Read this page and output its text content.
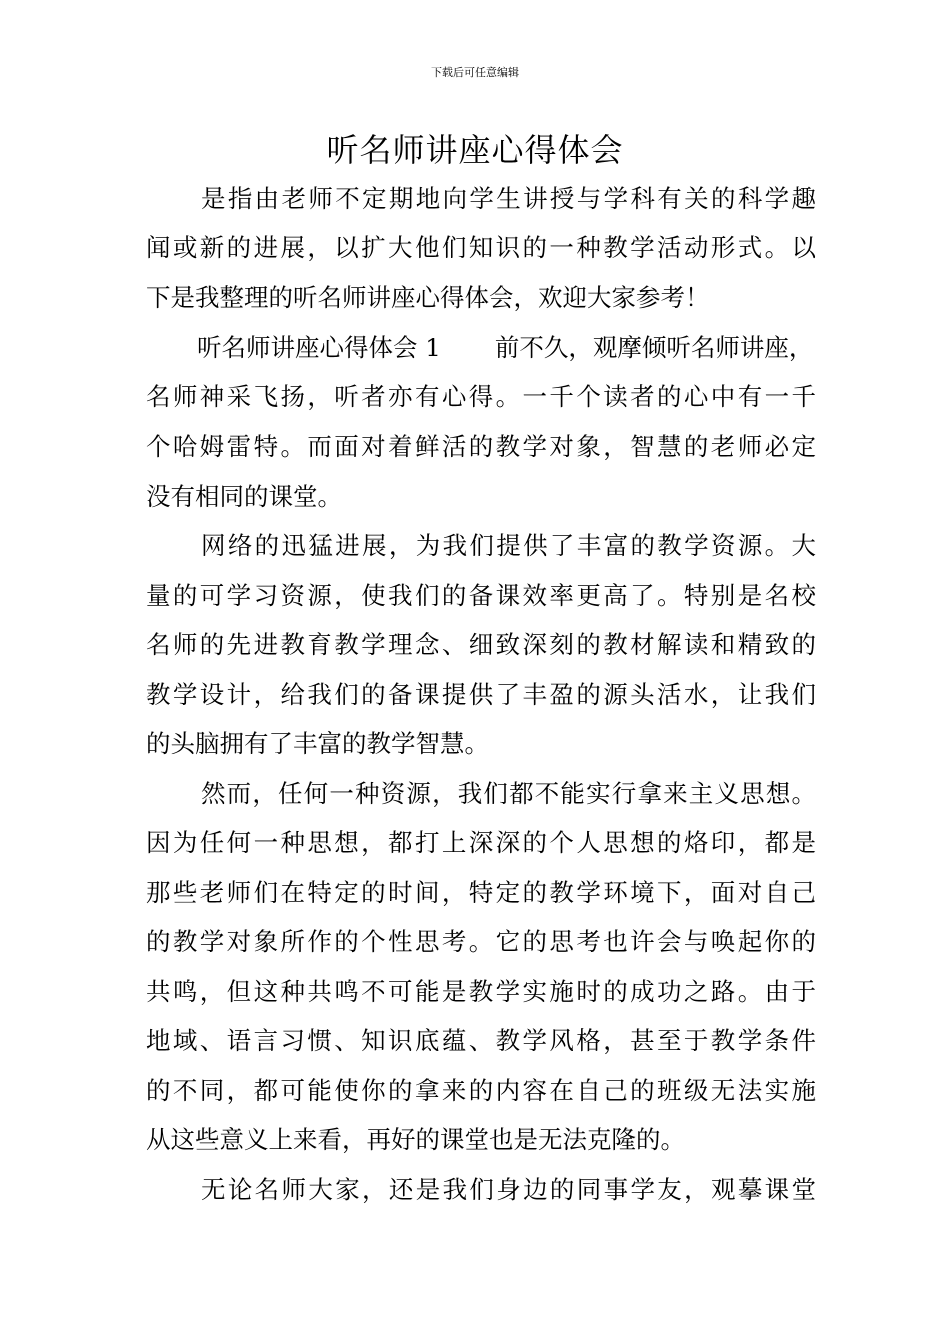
下载后可任意编辑
听名师讲座心得体会
是指由老师不定期地向学生讲授与学科有关的科学趣
闻或新的进展，以扩大他们知识的一种教学活动形式。以
下是我整理的听名师讲座心得体会，欢迎大家参考！
听名师讲座心得体会 1 前不久，观摩倾听名师讲座，
名师神采飞扬，听者亦有心得。一千个读者的心中有一千
个哈姆雷特。而面对着鲜活的教学对象，智慧的老师必定
没有相同的课堂。
网络的迅猛进展，为我们提供了丰富的教学资源。大
量的可学习资源，使我们的备课效率更高了。特别是名校
名师的先进教育教学理念、细致深刻的教材解读和精致的
教学设计，给我们的备课提供了丰盈的源头活水，让我们
的头脑拥有了丰富的教学智慧。
然而，任何一种资源，我们都不能实行拿来主义思想。
因为任何一种思想，都打上深深的个人思想的烙印，都是
那些老师们在特定的时间，特定的教学环境下，面对自己
的教学对象所作的个性思考。它的思考也许会与唤起你的
共鸣，但这种共鸣不可能是教学实施时的成功之路。由于
地域、语言习惯、知识底蕴、教学风格，甚至于教学条件
的不同，都可能使你的拿来的内容在自己的班级无法实施
从这些意义上来看，再好的课堂也是无法克隆的。
无论名师大家，还是我们身边的同事学友，观摹课堂
